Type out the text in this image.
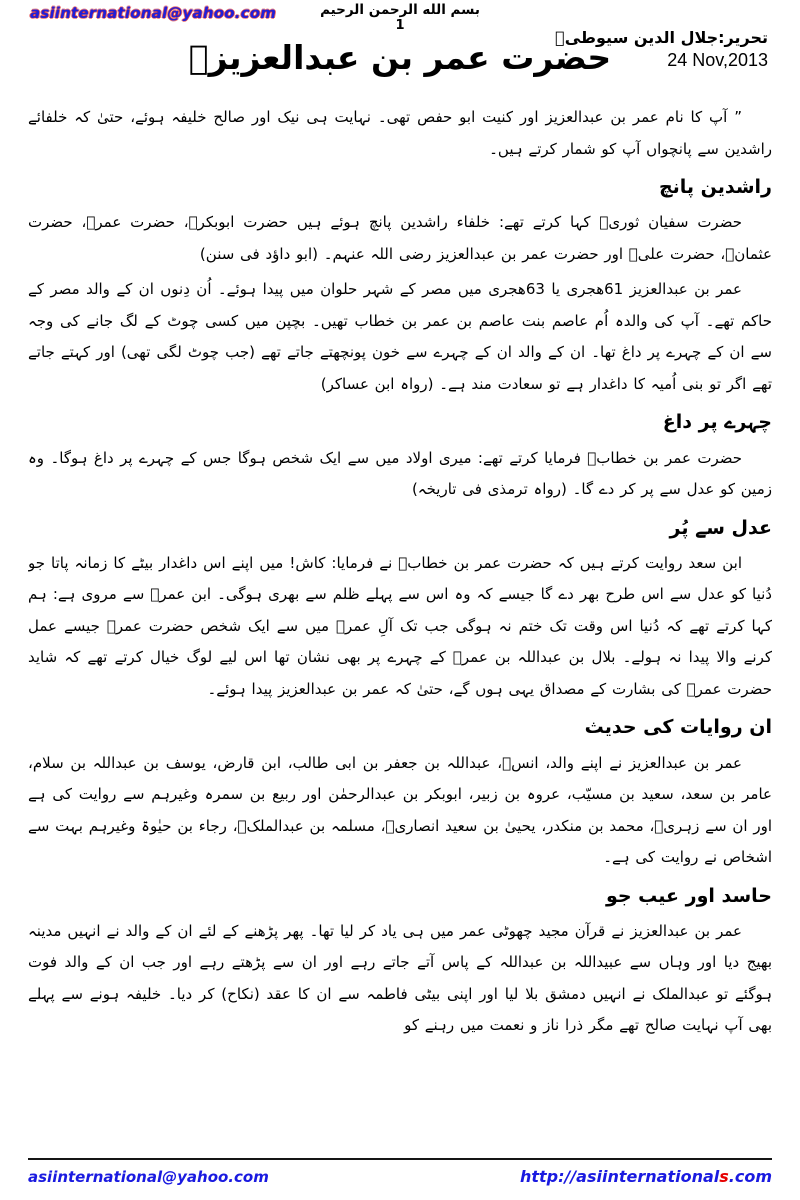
asiinternational@yahoo.com	بسم الله الرحمن الرحيم
1
تحریر:جلال الدین سیوطیؒ
24 Nov,2013
حضرت عمر بن عبدالعزیزؒ

” آپ کا نام عمر بن عبدالعزیز اور کنیت ابو حفص تھی۔ نہایت ہی نیک اور صالح خلیفہ ہوئے، حتیٰ کہ خلفائے راشدین سے پانچواں آپ کو شمار کرتے ہیں۔

راشدین پانچ

حضرت سفیان ثوریؒ کہا کرتے تھے: خلفاء راشدین پانچ ہوئے ہیں حضرت ابوبکرؓ، حضرت عمرؓ، حضرت عثمانؓ، حضرت علیؓ اور حضرت عمر بن عبدالعزیز رضی اللہ عنہم۔ (ابو داؤد فی سنن)

عمر بن عبدالعزیز 61ھجری یا 63ھجری میں مصر کے شہر حلوان میں پیدا ہوئے۔ اُن دِنوں ان کے والد مصر کے حاکم تھے۔ آپ کی والدہ اُم عاصم بنت عاصم بن عمر بن خطاب تھیں۔ بچپن میں کسی چوٹ کے لگ جانے کی وجہ سے ان کے چہرے پر داغ تھا۔ ان کے والد ان کے چہرے سے خون پونچھتے جاتے تھے (جب چوٹ لگی تھی) اور کہتے جاتے تھے اگر تو بنی اُمیہ کا داغدار ہے تو سعادت مند ہے۔ (رواہ ابن عساکر)

چہرے پر داغ

حضرت عمر بن خطابؓ فرمایا کرتے تھے: میری اولاد میں سے ایک شخص ہوگا جس کے چہرے پر داغ ہوگا۔ وہ زمین کو عدل سے پر کر دے گا۔ (رواہ ترمذی فی تاریخہ)

عدل سے پُر

ابن سعد روایت کرتے ہیں کہ حضرت عمر بن خطابؓ نے فرمایا: کاش! میں اپنے اس داغدار بیٹے کا زمانہ پاتا جو دُنیا کو عدل سے اس طرح بھر دے گا جیسے کہ وہ اس سے پہلے ظلم سے بھری ہوگی۔ ابن عمرؓ سے مروی ہے: ہم کہا کرتے تھے کہ دُنیا اس وقت تک ختم نہ ہوگی جب تک آلِ عمرؓ میں سے ایک شخص حضرت عمرؓ جیسے عمل کرنے والا پیدا نہ ہولے۔ بلال بن عبداللہ بن عمرؓ کے چہرے پر بھی نشان تھا اس لیے لوگ خیال کرتے تھے کہ شاید حضرت عمرؓ کی بشارت کے مصداق یہی ہوں گے، حتیٰ کہ عمر بن عبدالعزیز پیدا ہوئے۔

ان روایات کی حدیث

عمر بن عبدالعزیز نے اپنے والد، انسؓ، عبداللہ بن جعفر بن ابی طالب، ابن قارض، یوسف بن عبداللہ بن سلام، عامر بن سعد، سعید بن مسیّب، عروہ بن زبیر، ابوبکر بن عبدالرحمٰن اور ربیع بن سمرہ وغیرہم سے روایت کی ہے اور ان سے زہریؒ، محمد بن منکدر، یحییٰ بن سعید انصاریؒ، مسلمہ بن عبدالملکؒ، رجاء بن حیٰوۃ وغیرہم بہت سے اشخاص نے روایت کی ہے۔

حاسد اور عیب جو

عمر بن عبدالعزیز نے قرآن مجید چھوٹی عمر میں ہی یاد کر لیا تھا۔ پھر پڑھنے کے لئے ان کے والد نے انہیں مدینہ بھیج دیا اور وہاں سے عبیداللہ بن عبداللہ کے پاس آتے جاتے رہے اور ان سے پڑھتے رہے اور جب ان کے والد فوت ہوگئے تو عبدالملک نے انہیں دمشق بلا لیا اور اپنی بیٹی فاطمہ سے ان کا عقد (نکاح) کر دیا۔ خلیفہ ہونے سے پہلے بھی آپ نہایت صالح تھے مگر ذرا ناز و نعمت میں رہنے کو

asiinternational@yahoo.com	http://asiinternationals.com
